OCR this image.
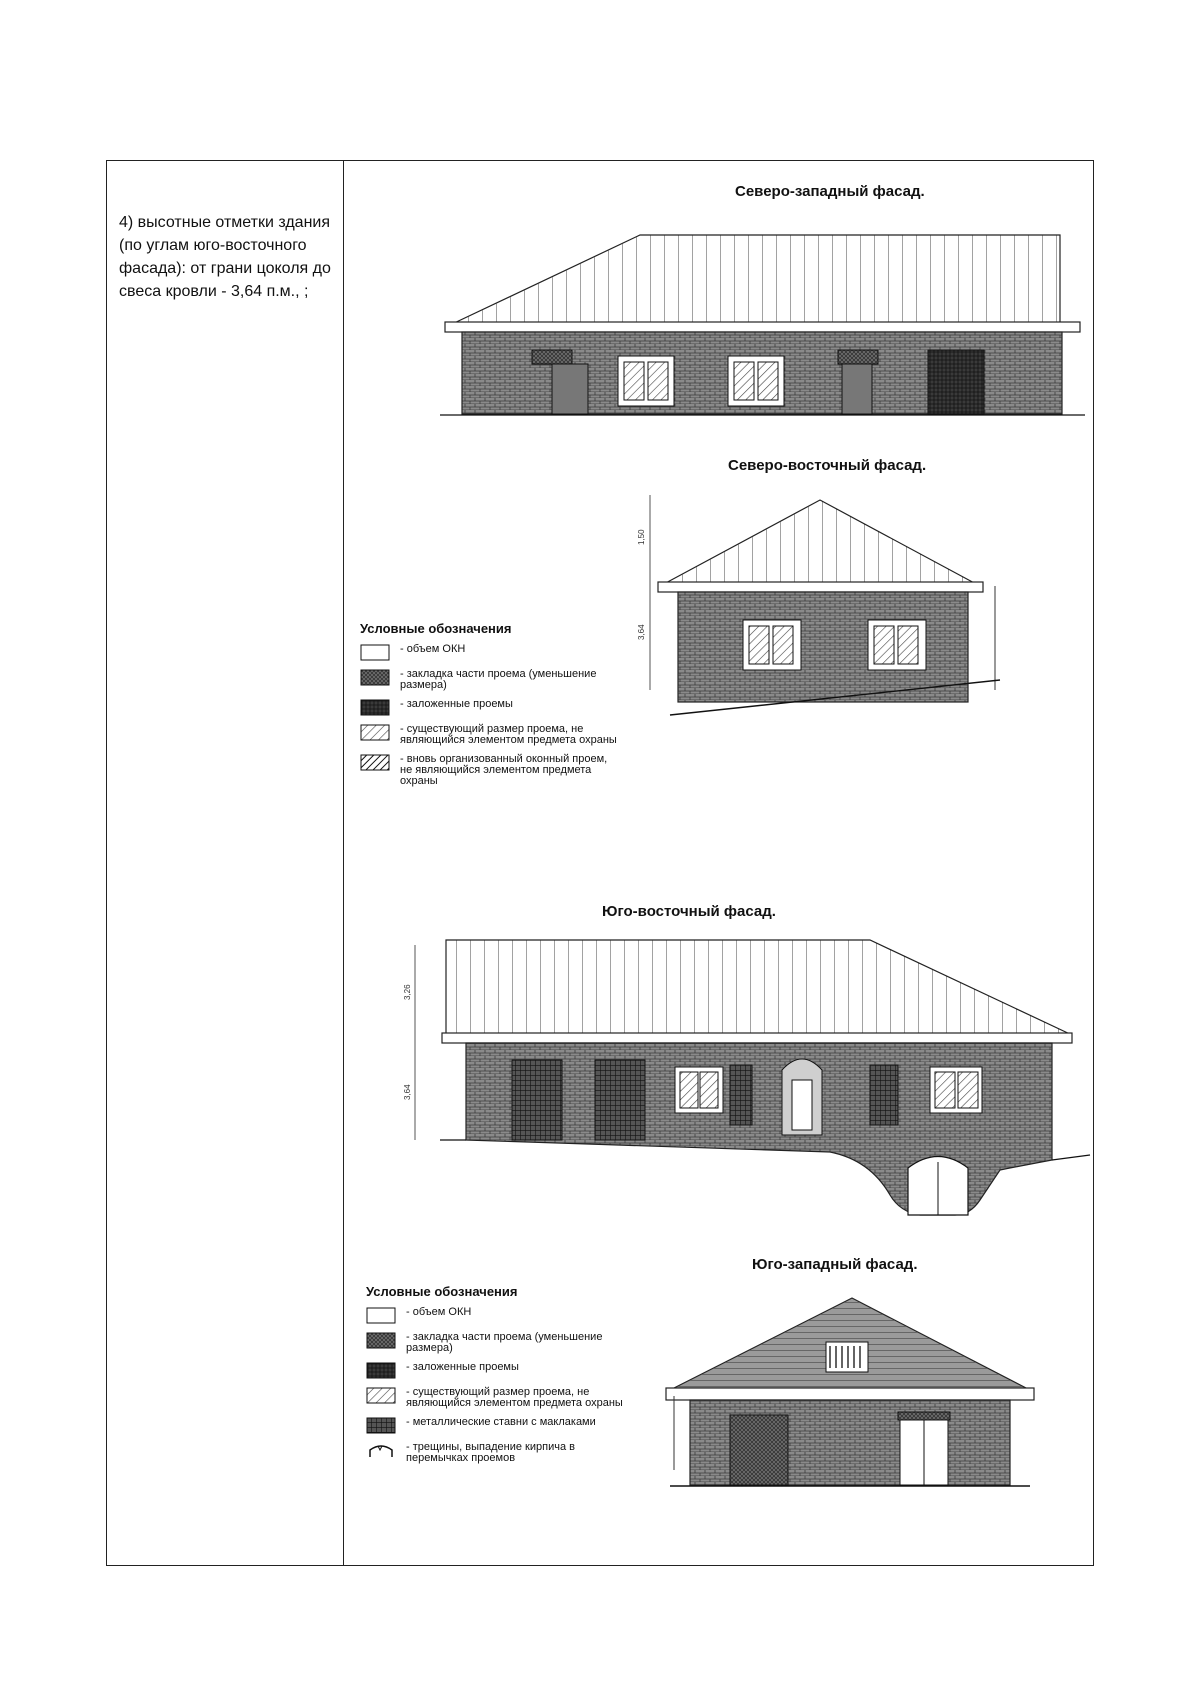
4) высотные отметки здания (по углам юго-восточного фасада): от грани цоколя до свеса кровли - 3,64 п.м., ;
Северо-западный фасад.
Северо-восточный фасад.
Юго-восточный фасад.
Юго-западный фасад.
1,50
3,64
Условные обозначения
- объем ОКН
- закладка части проема (уменьшение размера)
- заложенные проемы
- существующий размер проема, не являющийся элементом предмета охраны
- вновь организованный оконный проем, не являющийся элементом предмета охраны
3,26
3,64
Условные обозначения
- объем ОКН
- закладка части проема (уменьшение размера)
- заложенные проемы
- существующий размер проема, не являющийся элементом предмета охраны
- металлические ставни с маклаками
- трещины, выпадение кирпича в перемычках проемов
